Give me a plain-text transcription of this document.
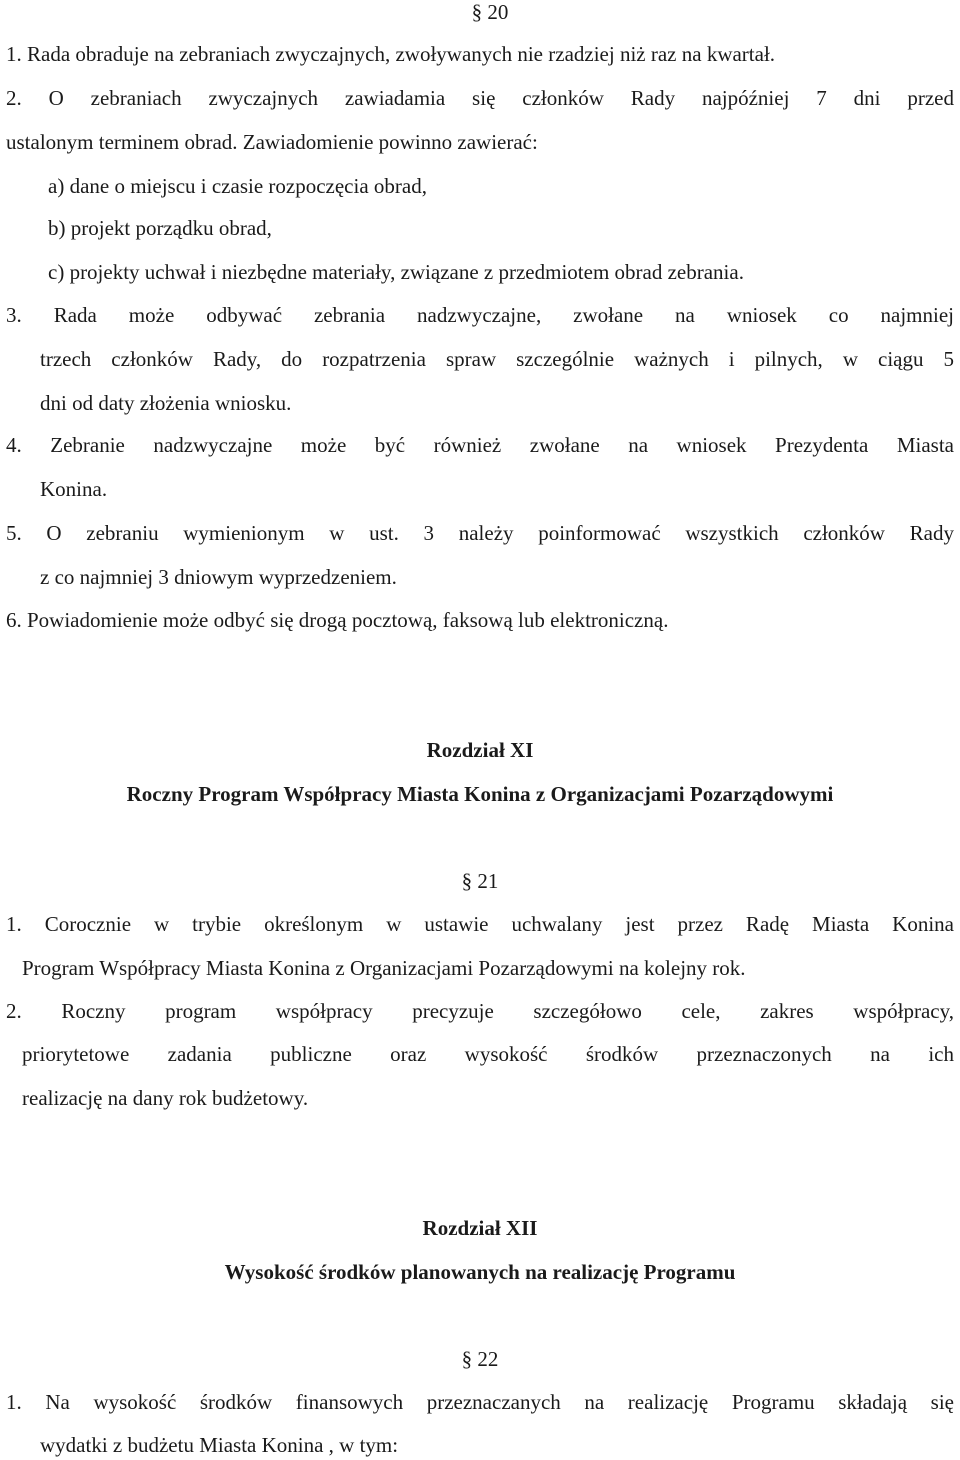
§ 20
1. Rada obraduje na zebraniach zwyczajnych, zwoływanych nie rzadziej niż raz na kwartał.
2. O zebraniach zwyczajnych zawiadamia się członków Rady najpóźniej 7 dni przed
ustalonym terminem obrad. Zawiadomienie powinno zawierać:
a) dane o miejscu i czasie rozpoczęcia obrad,
b) projekt porządku obrad,
c) projekty uchwał i niezbędne materiały, związane z przedmiotem obrad zebrania.
3. Rada może odbywać zebrania nadzwyczajne, zwołane na wniosek co najmniej
trzech członków Rady, do rozpatrzenia spraw szczególnie ważnych i pilnych, w ciągu 5
dni od daty złożenia wniosku.
4. Zebranie nadzwyczajne może być również zwołane na wniosek Prezydenta Miasta
Konina.
5. O zebraniu wymienionym w ust. 3 należy poinformować wszystkich członków Rady
z co najmniej 3 dniowym wyprzedzeniem.
6. Powiadomienie może odbyć się drogą pocztową, faksową lub elektroniczną.
Rozdział XI
Roczny Program Współpracy Miasta Konina z Organizacjami Pozarządowymi
§ 21
1. Corocznie w trybie określonym w ustawie uchwalany jest przez Radę Miasta Konina
Program Współpracy Miasta Konina z Organizacjami Pozarządowymi na kolejny rok.
2. Roczny program współpracy precyzuje szczegółowo cele, zakres współpracy,
priorytetowe zadania publiczne oraz wysokość środków przeznaczonych na ich
realizację na dany rok budżetowy.
Rozdział XII
Wysokość środków planowanych na realizację Programu
§ 22
1. Na wysokość środków finansowych przeznaczanych na realizację Programu składają się
wydatki z budżetu Miasta Konina , w tym:
